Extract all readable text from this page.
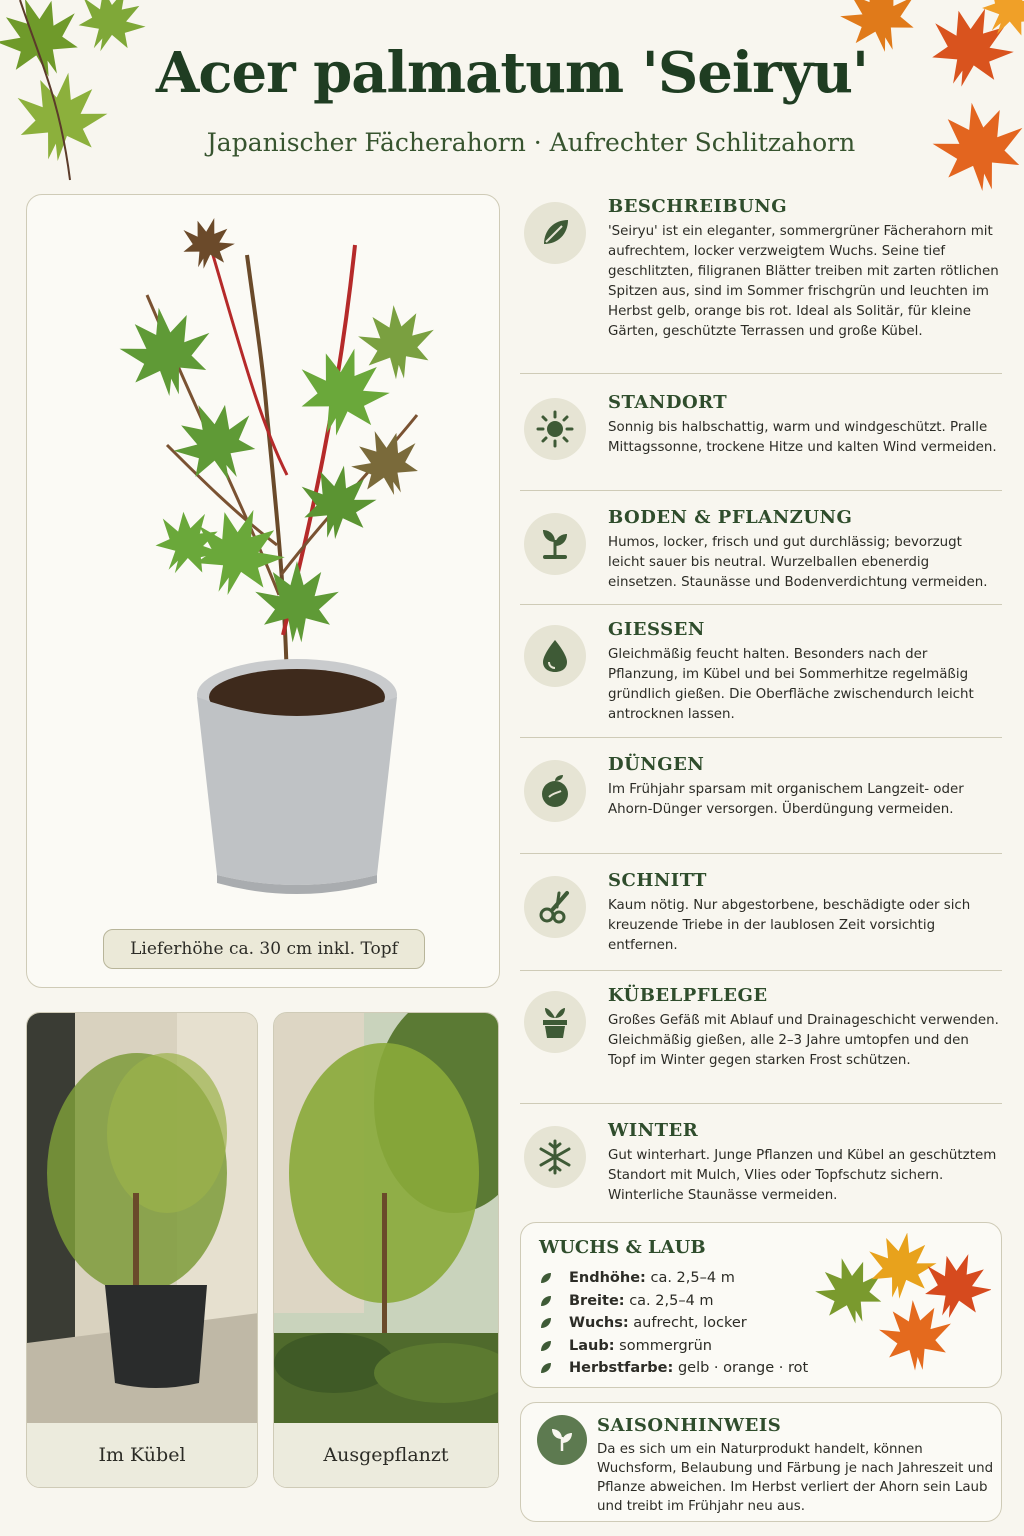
Acer palmatum 'Seiryu'
Japanischer Fächerahorn · Aufrechter Schlitzahorn
Lieferhöhe ca. 30 cm inkl. Topf
Im Kübel	Ausgepflanzt
BESCHREIBUNG

'Seiryu' ist ein eleganter, sommergrüner Fächerahorn mit aufrechtem, locker verzweigtem Wuchs. Seine tief geschlitzten, filigranen Blätter treiben mit zarten rötlichen Spitzen aus, sind im Sommer frischgrün und leuchten im Herbst gelb, orange bis rot. Ideal als Solitär, für kleine Gärten, geschützte Terrassen und große Kübel.

STANDORT

Sonnig bis halbschattig, warm und windgeschützt. Pralle Mittagssonne, trockene Hitze und kalten Wind vermeiden.

BODEN & PFLANZUNG

Humos, locker, frisch und gut durchlässig; bevorzugt leicht sauer bis neutral. Wurzelballen ebenerdig einsetzen. Staunässe und Bodenverdichtung vermeiden.

GIESSEN

Gleichmäßig feucht halten. Besonders nach der Pflanzung, im Kübel und bei Sommerhitze regelmäßig gründlich gießen. Die Oberfläche zwischendurch leicht antrocknen lassen.

DÜNGEN

Im Frühjahr sparsam mit organischem Langzeit- oder Ahorn-Dünger versorgen. Überdüngung vermeiden.

SCHNITT

Kaum nötig. Nur abgestorbene, beschädigte oder sich kreuzende Triebe in der laublosen Zeit vorsichtig entfernen.

KÜBELPFLEGE

Großes Gefäß mit Ablauf und Drainageschicht verwenden. Gleichmäßig gießen, alle 2–3 Jahre umtopfen und den Topf im Winter gegen starken Frost schützen.

WINTER

Gut winterhart. Junge Pflanzen und Kübel an geschütztem Standort mit Mulch, Vlies oder Topfschutz sichern. Winterliche Staunässe vermeiden.

WUCHS & LAUB
Endhöhe:
ca. 2,5–4 m
Breite:
ca. 2,5–4 m
Wuchs:
aufrecht, locker
Laub:
sommergrün
Herbstfarbe:
gelb · orange · rot
SAISONHINWEIS

Da es sich um ein Naturprodukt handelt, können Wuchsform, Belaubung und Färbung je nach Jahreszeit und Pflanze abweichen. Im Herbst verliert der Ahorn sein Laub und treibt im Frühjahr neu aus.
